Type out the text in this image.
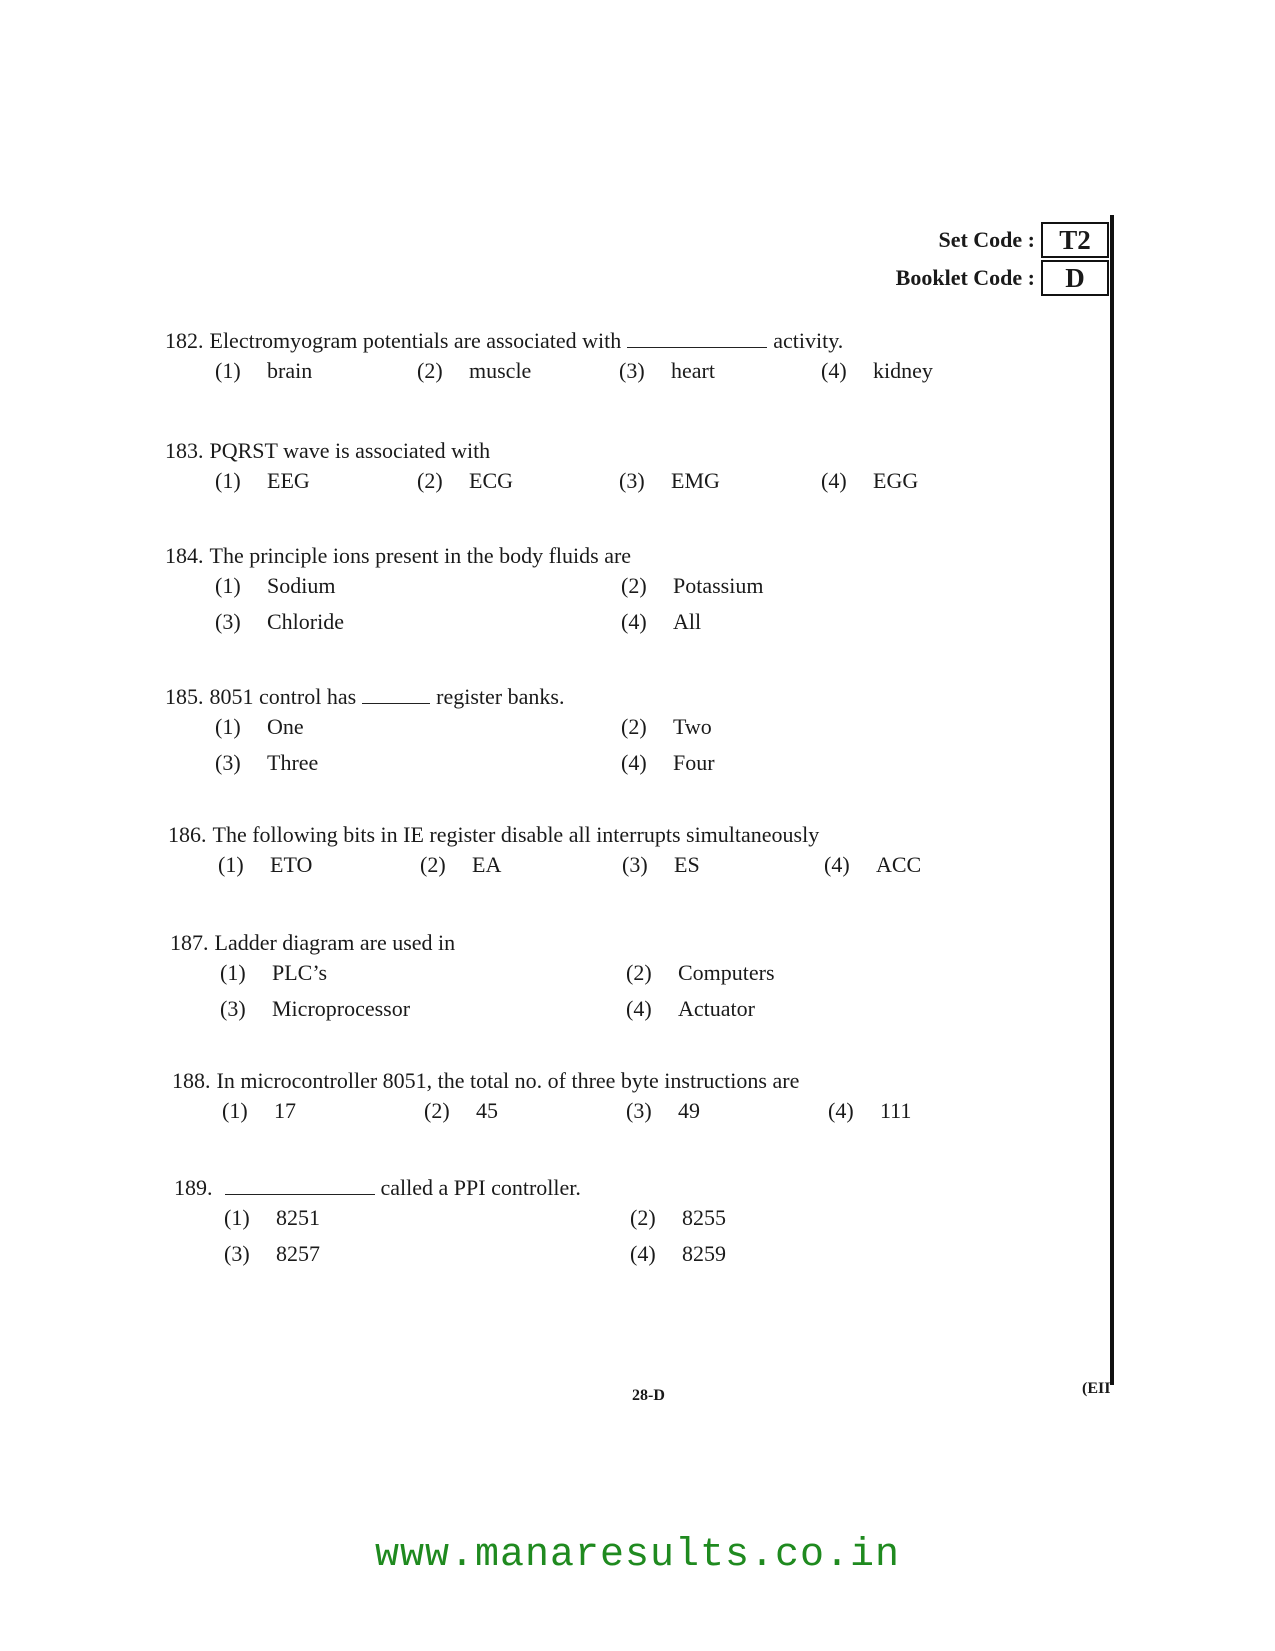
Set Code : T2
Booklet Code :	D
182. Electromyogram potentials are associated with	activity.
(1)	brain	(2)	muscle	(3)	heart	(4)	kidney
183. PQRST wave is associated with
(1)	EEG	(2)	ECG	(3)	EMG	(4)	EGG
184. The principle ions present in the body fluids are
(1)	Sodium	(2)	Potassium
(3)	Chloride	(4)	All
185. 8051 control has	register banks.
(1)	One	(2)	Two
(3)	Three	(4)	Four
186. The following bits in IE register disable all interrupts simultaneously
(1)	ETO	(2)	EA	(3)	ES	(4)	ACC
187. Ladder diagram are used in
(1)	PLC’s	(2)	Computers
(3)	Microprocessor	(4)	Actuator
188. In microcontroller 8051, the total no. of three byte instructions are
(1)	17	(2)	45	(3)	49	(4)	111
189.	called a PPI controller.
(1)	8251	(2)	8255
(3)	8257	(4)	8259
28-D	(EII
www.manaresults.co.in
